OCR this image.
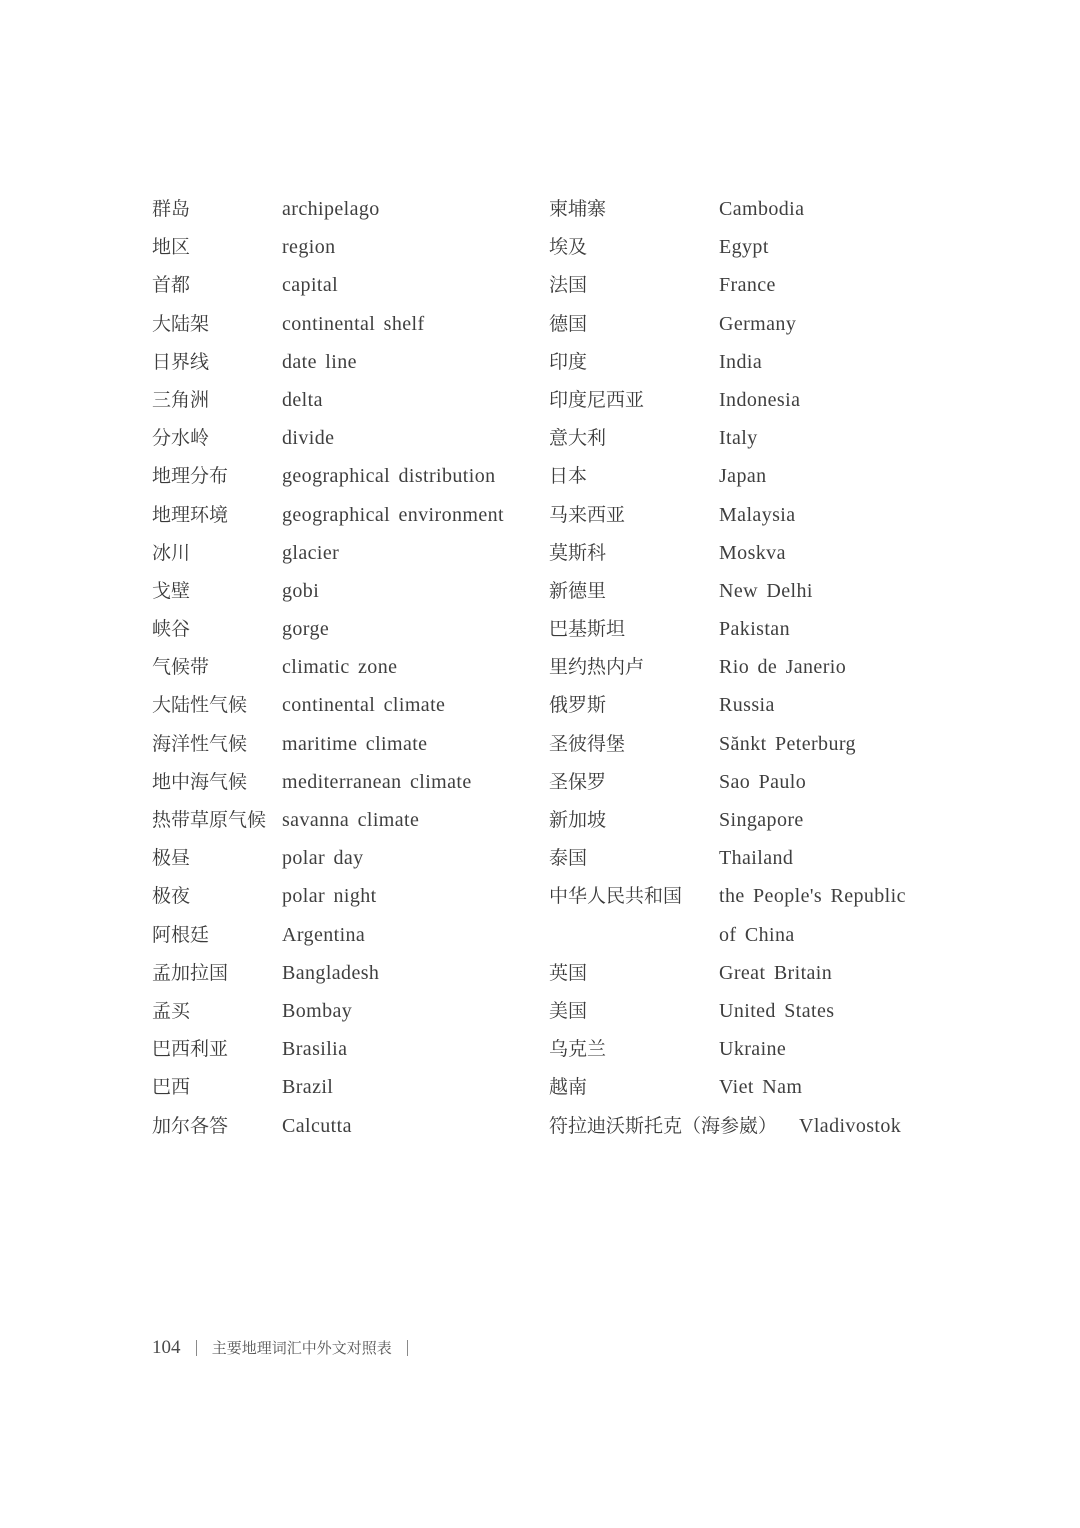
群岛	archipelago
地区	region
首都	capital
大陆架	continental shelf
日界线	date line
三角洲	delta
分水岭	divide
地理分布	geographical distribution
地理环境	geographical environment
冰川	glacier
戈壁	gobi
峡谷	gorge
气候带	climatic zone
大陆性气候 continental climate
海洋性气候 maritime climate
地中海气候 mediterranean climate
热带草原气候 savanna climate
极昼	polar day
极夜	polar night
阿根廷	Argentina
孟加拉国	Bangladesh
孟买	Bombay
巴西利亚	Brasilia
巴西	Brazil
加尔各答	Calcutta
柬埔寨	Cambodia
埃及	Egypt
法国	France
德国	Germany
印度	India
印度尼西亚	Indonesia
意大利	Italy
日本	Japan
马来西亚	Malaysia
莫斯科	Moskva
新德里	New Delhi
巴基斯坦	Pakistan
里约热内卢	Rio de Janerio
俄罗斯	Russia
圣彼得堡	Sănkt Peterburg
圣保罗	Sao Paulo
新加坡	Singapore
泰国	Thailand
中华人民共和国 the People's Republic
of China
英国	Great Britain
美国	United States
乌克兰	Ukraine
越南	Viet Nam
符拉迪沃斯托克（海参崴） Vladivostok
104 主要地理词汇中外文对照表
